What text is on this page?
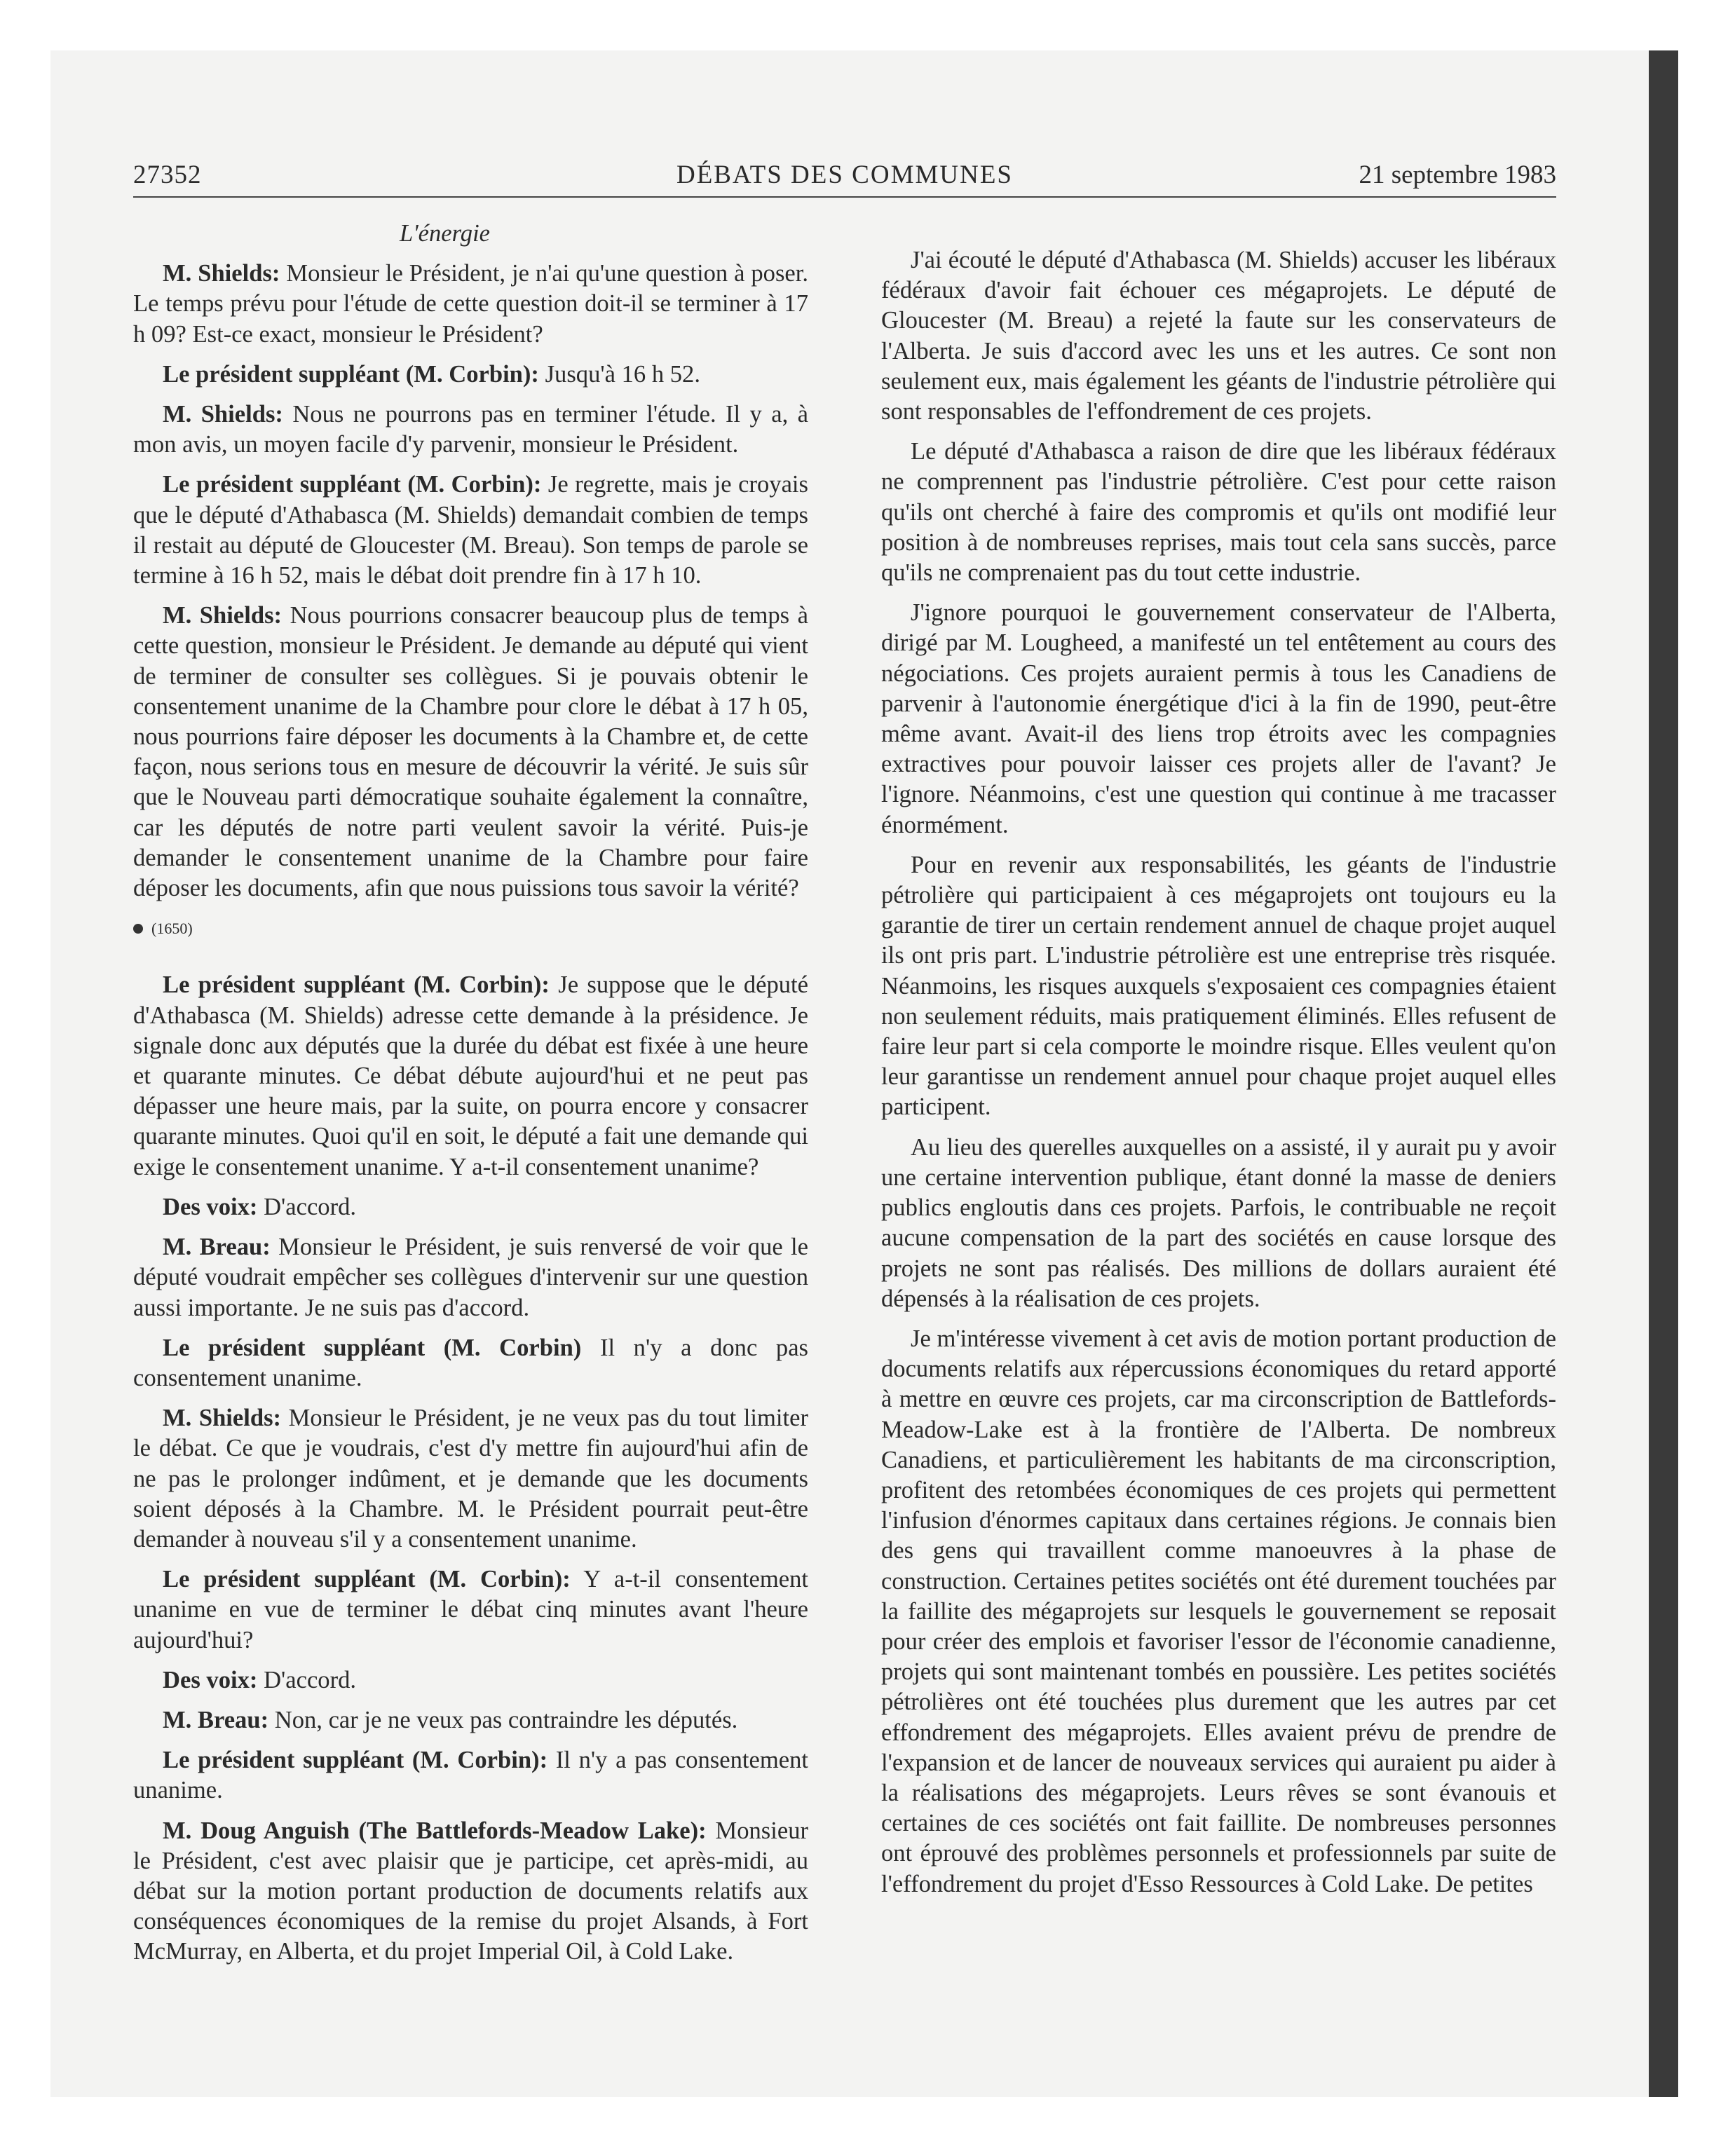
27352	DÉBATS DES COMMUNES	21 septembre 1983

L'énergie

M. Shields: Monsieur le Président, je n'ai qu'une question à poser. Le temps prévu pour l'étude de cette question doit-il se terminer à 17 h 09? Est-ce exact, monsieur le Président?

Le président suppléant (M. Corbin): Jusqu'à 16 h 52.

M. Shields: Nous ne pourrons pas en terminer l'étude. Il y a, à mon avis, un moyen facile d'y parvenir, monsieur le Président.

Le président suppléant (M. Corbin): Je regrette, mais je croyais que le député d'Athabasca (M. Shields) demandait combien de temps il restait au député de Gloucester (M. Breau). Son temps de parole se termine à 16 h 52, mais le débat doit prendre fin à 17 h 10.

M. Shields: Nous pourrions consacrer beaucoup plus de temps à cette question, monsieur le Président. Je demande au député qui vient de terminer de consulter ses collègues. Si je pouvais obtenir le consentement unanime de la Chambre pour clore le débat à 17 h 05, nous pourrions faire déposer les documents à la Chambre et, de cette façon, nous serions tous en mesure de découvrir la vérité. Je suis sûr que le Nouveau parti démocratique souhaite également la connaître, car les députés de notre parti veulent savoir la vérité. Puis-je demander le consentement unanime de la Chambre pour faire déposer les documents, afin que nous puissions tous savoir la vérité?

(1650)

Le président suppléant (M. Corbin): Je suppose que le député d'Athabasca (M. Shields) adresse cette demande à la présidence. Je signale donc aux députés que la durée du débat est fixée à une heure et quarante minutes. Ce débat débute aujourd'hui et ne peut pas dépasser une heure mais, par la suite, on pourra encore y consacrer quarante minutes. Quoi qu'il en soit, le député a fait une demande qui exige le consentement unanime. Y a-t-il consentement unanime?

Des voix: D'accord.

M. Breau: Monsieur le Président, je suis renversé de voir que le député voudrait empêcher ses collègues d'intervenir sur une question aussi importante. Je ne suis pas d'accord.

Le président suppléant (M. Corbin) Il n'y a donc pas consentement unanime.

M. Shields: Monsieur le Président, je ne veux pas du tout limiter le débat. Ce que je voudrais, c'est d'y mettre fin aujourd'hui afin de ne pas le prolonger indûment, et je demande que les documents soient déposés à la Chambre. M. le Président pourrait peut-être demander à nouveau s'il y a consentement unanime.

Le président suppléant (M. Corbin): Y a-t-il consentement unanime en vue de terminer le débat cinq minutes avant l'heure aujourd'hui?

Des voix: D'accord.

M. Breau: Non, car je ne veux pas contraindre les députés.

Le président suppléant (M. Corbin): Il n'y a pas consentement unanime.

M. Doug Anguish (The Battlefords-Meadow Lake): Monsieur le Président, c'est avec plaisir que je participe, cet après-midi, au débat sur la motion portant production de documents relatifs aux conséquences économiques de la remise du projet Alsands, à Fort McMurray, en Alberta, et du projet Imperial Oil, à Cold Lake.

J'ai écouté le député d'Athabasca (M. Shields) accuser les libéraux fédéraux d'avoir fait échouer ces mégaprojets. Le député de Gloucester (M. Breau) a rejeté la faute sur les conservateurs de l'Alberta. Je suis d'accord avec les uns et les autres. Ce sont non seulement eux, mais également les géants de l'industrie pétrolière qui sont responsables de l'effondrement de ces projets.

Le député d'Athabasca a raison de dire que les libéraux fédéraux ne comprennent pas l'industrie pétrolière. C'est pour cette raison qu'ils ont cherché à faire des compromis et qu'ils ont modifié leur position à de nombreuses reprises, mais tout cela sans succès, parce qu'ils ne comprenaient pas du tout cette industrie.

J'ignore pourquoi le gouvernement conservateur de l'Alberta, dirigé par M. Lougheed, a manifesté un tel entêtement au cours des négociations. Ces projets auraient permis à tous les Canadiens de parvenir à l'autonomie énergétique d'ici à la fin de 1990, peut-être même avant. Avait-il des liens trop étroits avec les compagnies extractives pour pouvoir laisser ces projets aller de l'avant? Je l'ignore. Néanmoins, c'est une question qui continue à me tracasser énormément.

Pour en revenir aux responsabilités, les géants de l'industrie pétrolière qui participaient à ces mégaprojets ont toujours eu la garantie de tirer un certain rendement annuel de chaque projet auquel ils ont pris part. L'industrie pétrolière est une entreprise très risquée. Néanmoins, les risques auxquels s'exposaient ces compagnies étaient non seulement réduits, mais pratiquement éliminés. Elles refusent de faire leur part si cela comporte le moindre risque. Elles veulent qu'on leur garantisse un rendement annuel pour chaque projet auquel elles participent.

Au lieu des querelles auxquelles on a assisté, il y aurait pu y avoir une certaine intervention publique, étant donné la masse de deniers publics engloutis dans ces projets. Parfois, le contribuable ne reçoit aucune compensation de la part des sociétés en cause lorsque des projets ne sont pas réalisés. Des millions de dollars auraient été dépensés à la réalisation de ces projets.

Je m'intéresse vivement à cet avis de motion portant production de documents relatifs aux répercussions économiques du retard apporté à mettre en œuvre ces projets, car ma circonscription de Battlefords-Meadow-Lake est à la frontière de l'Alberta. De nombreux Canadiens, et particulièrement les habitants de ma circonscription, profitent des retombées économiques de ces projets qui permettent l'infusion d'énormes capitaux dans certaines régions. Je connais bien des gens qui travaillent comme manoeuvres à la phase de construction. Certaines petites sociétés ont été durement touchées par la faillite des mégaprojets sur lesquels le gouvernement se reposait pour créer des emplois et favoriser l'essor de l'économie canadienne, projets qui sont maintenant tombés en poussière. Les petites sociétés pétrolières ont été touchées plus durement que les autres par cet effondrement des mégaprojets. Elles avaient prévu de prendre de l'expansion et de lancer de nouveaux services qui auraient pu aider à la réalisations des mégaprojets. Leurs rêves se sont évanouis et certaines de ces sociétés ont fait faillite. De nombreuses personnes ont éprouvé des problèmes personnels et professionnels par suite de l'effondrement du projet d'Esso Ressources à Cold Lake. De petites
